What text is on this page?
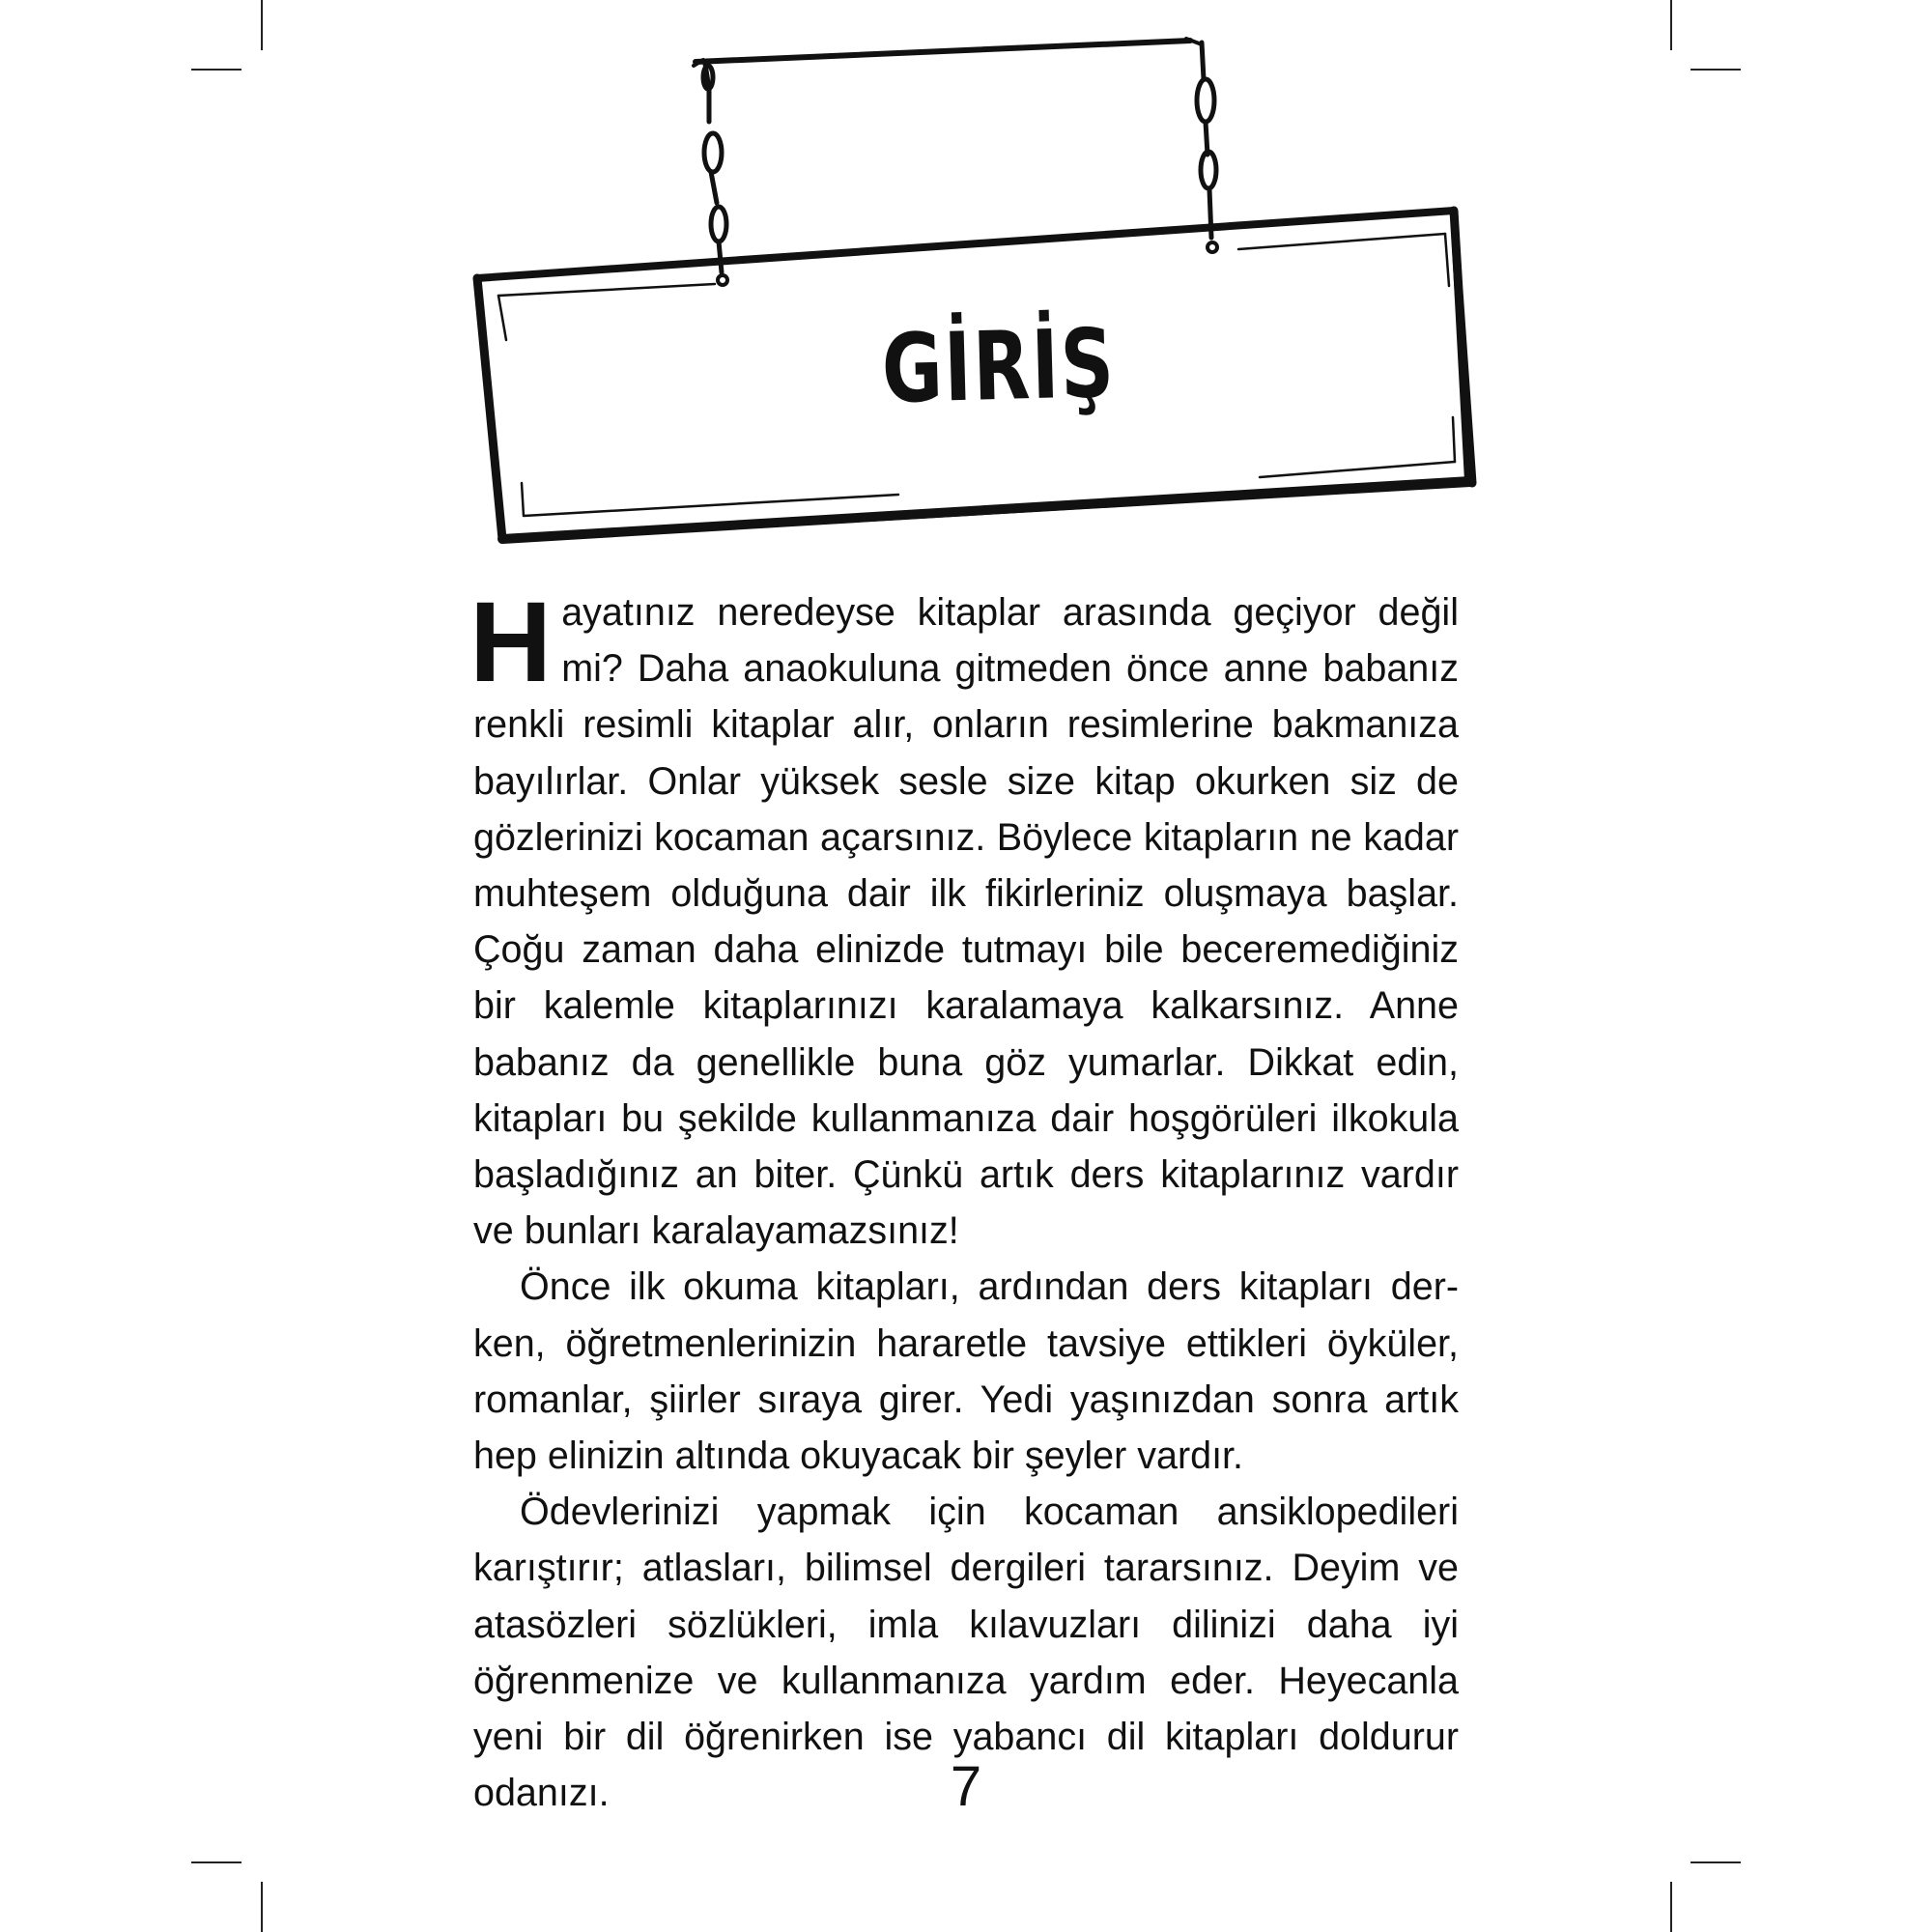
GİRİŞ

Hayatınız neredeyse kitaplar arasında geçiyor değil mi? Daha anaokuluna gitmeden önce anne babanız renkli resimli kitaplar alır, onların resimlerine bakmanıza bayılırlar. Onlar yüksek sesle size kitap okurken siz de gözlerinizi kocaman açarsınız. Böylece kitapların ne kadar muhteşem olduğuna dair ilk fikirleriniz oluşmaya başlar. Çoğu zaman daha elinizde tutmayı bile beceremediğiniz bir kalemle kitaplarınızı karalamaya kalkarsınız. Anne babanız da genellikle buna göz yumarlar. Dikkat edin, kitapları bu şekilde kullanmanıza dair hoşgörüleri ilkokula başladığınız an biter. Çünkü artık ders kitaplarınız vardır ve bunları karalayamazsınız!

Önce ilk okuma kitapları, ardından ders kitapları derken, öğretmenlerinizin hararetle tavsiye ettikleri öyküler, romanlar, şiirler sıraya girer. Yedi yaşınızdan sonra artık hep elinizin altında okuyacak bir şeyler vardır.

Ödevlerinizi yapmak için kocaman ansiklopedileri karıştırır; atlasları, bilimsel dergileri tararsınız. Deyim ve atasözleri sözlükleri, imla kılavuzları dilinizi daha iyi öğrenmenize ve kullanmanıza yardım eder. Heyecanla yeni bir dil öğrenirken ise yabancı dil kitapları doldurur odanızı.	7
